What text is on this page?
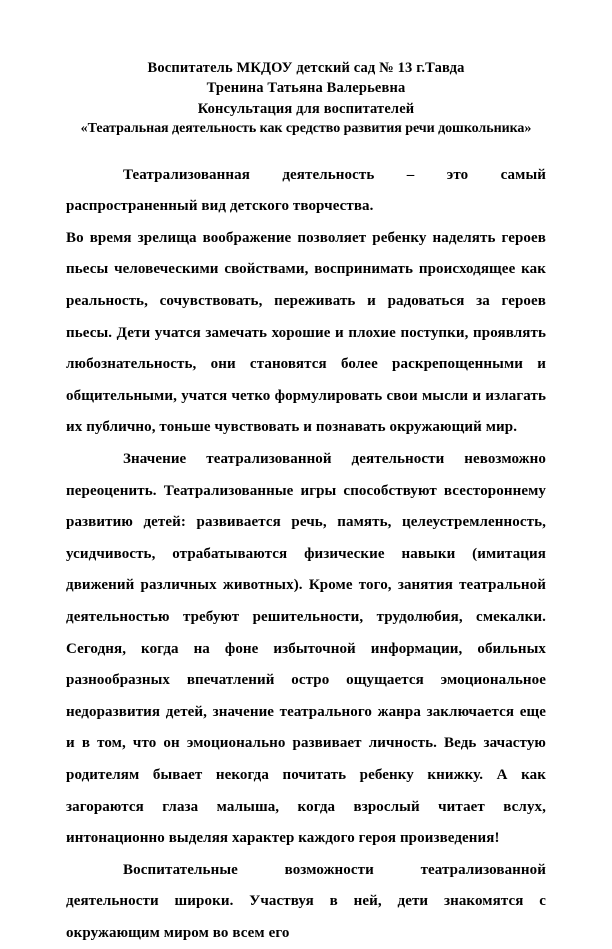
Воспитатель МКДОУ детский сад № 13 г.Тавда
Тренина Татьяна Валерьевна
Консультация для воспитателей
«Театральная деятельность как средство развития речи дошкольника»

Театрализованная деятельность – это самый распространенный вид детского творчества.

Во время зрелища воображение позволяет ребенку наделять героев пьесы человеческими свойствами, воспринимать происходящее как реальность, сочувствовать, переживать и радоваться за героев пьесы. Дети учатся замечать хорошие и плохие поступки, проявлять любознательность, они становятся более раскрепощенными и общительными, учатся четко формулировать свои мысли и излагать их публично, тоньше чувствовать и познавать окружающий мир.

Значение театрализованной деятельности невозможно переоценить. Театрализованные игры способствуют всестороннему развитию детей: развивается речь, память, целеустремленность, усидчивость, отрабатываются физические навыки (имитация движений различных животных). Кроме того, занятия театральной деятельностью требуют решительности, трудолюбия, смекалки. Сегодня, когда на фоне избыточной информации, обильных разнообразных впечатлений остро ощущается эмоциональное недоразвития детей, значение театрального жанра заключается еще и в том, что он эмоционально развивает личность. Ведь зачастую родителям бывает некогда почитать ребенку книжку. А как загораются глаза малыша, когда взрослый читает вслух, интонационно выделяя характер каждого героя произведения!

Воспитательные возможности театрализованной деятельности широки. Участвуя в ней, дети знакомятся с окружающим миром во всем его
